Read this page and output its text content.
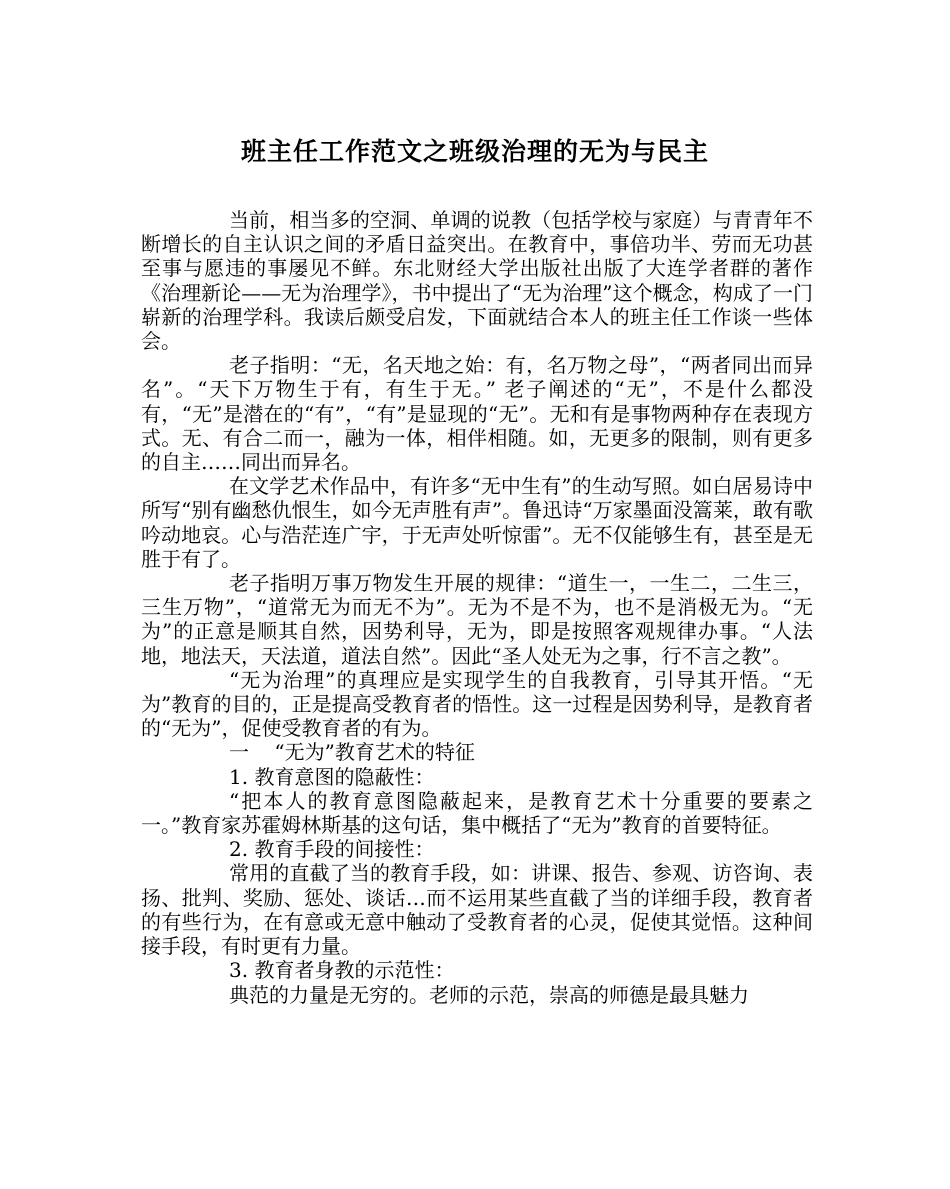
班主任工作范文之班级治理的无为与民主

当前，相当多的空洞、单调的说教（包括学校与家庭）与青青年不断增长的自主认识之间的矛盾日益突出。在教育中，事倍功半、劳而无功甚至事与愿违的事屡见不鲜。东北财经大学出版社出版了大连学者群的著作《治理新论——无为治理学》，书中提出了“无为治理”这个概念，构成了一门崭新的治理学科。我读后颇受启发，下面就结合本人的班主任工作谈一些体会。

老子指明：“无，名天地之始：有，名万物之母”，“两者同出而异名”。“天下万物生于有，有生于无。” 老子阐述的“无”，不是什么都没有，“无”是潜在的“有”，“有”是显现的“无”。无和有是事物两种存在表现方式。无、有合二而一，融为一体，相伴相随。如，无更多的限制，则有更多的自主……同出而异名。

在文学艺术作品中，有许多“无中生有”的生动写照。如白居易诗中所写“别有幽愁仇恨生，如今无声胜有声”。鲁迅诗“万家墨面没篙莱，敢有歌吟动地哀。心与浩茫连广宇，于无声处听惊雷”。无不仅能够生有，甚至是无胜于有了。

老子指明万事万物发生开展的规律：“道生一，一生二，二生三，三生万物”，“道常无为而无不为”。无为不是不为，也不是消极无为。“无为”的正意是顺其自然，因势利导，无为，即是按照客观规律办事。“人法地，地法天，天法道，道法自然”。因此“圣人处无为之事，行不言之教”。

“无为治理”的真理应是实现学生的自我教育，引导其开悟。“无为”教育的目的，正是提高受教育者的悟性。这一过程是因势利导，是教育者的“无为”，促使受教育者的有为。

一    “无为”教育艺术的特征

1. 教育意图的隐蔽性：

“把本人的教育意图隐蔽起来，是教育艺术十分重要的要素之一。”教育家苏霍姆林斯基的这句话，集中概括了“无为”教育的首要特征。

2. 教育手段的间接性：

常用的直截了当的教育手段，如：讲课、报告、参观、访咨询、表扬、批判、奖励、惩处、谈话…而不运用某些直截了当的详细手段，教育者的有些行为，在有意或无意中触动了受教育者的心灵，促使其觉悟。这种间接手段，有时更有力量。

3. 教育者身教的示范性：

典范的力量是无穷的。老师的示范，崇高的师德是最具魅力
